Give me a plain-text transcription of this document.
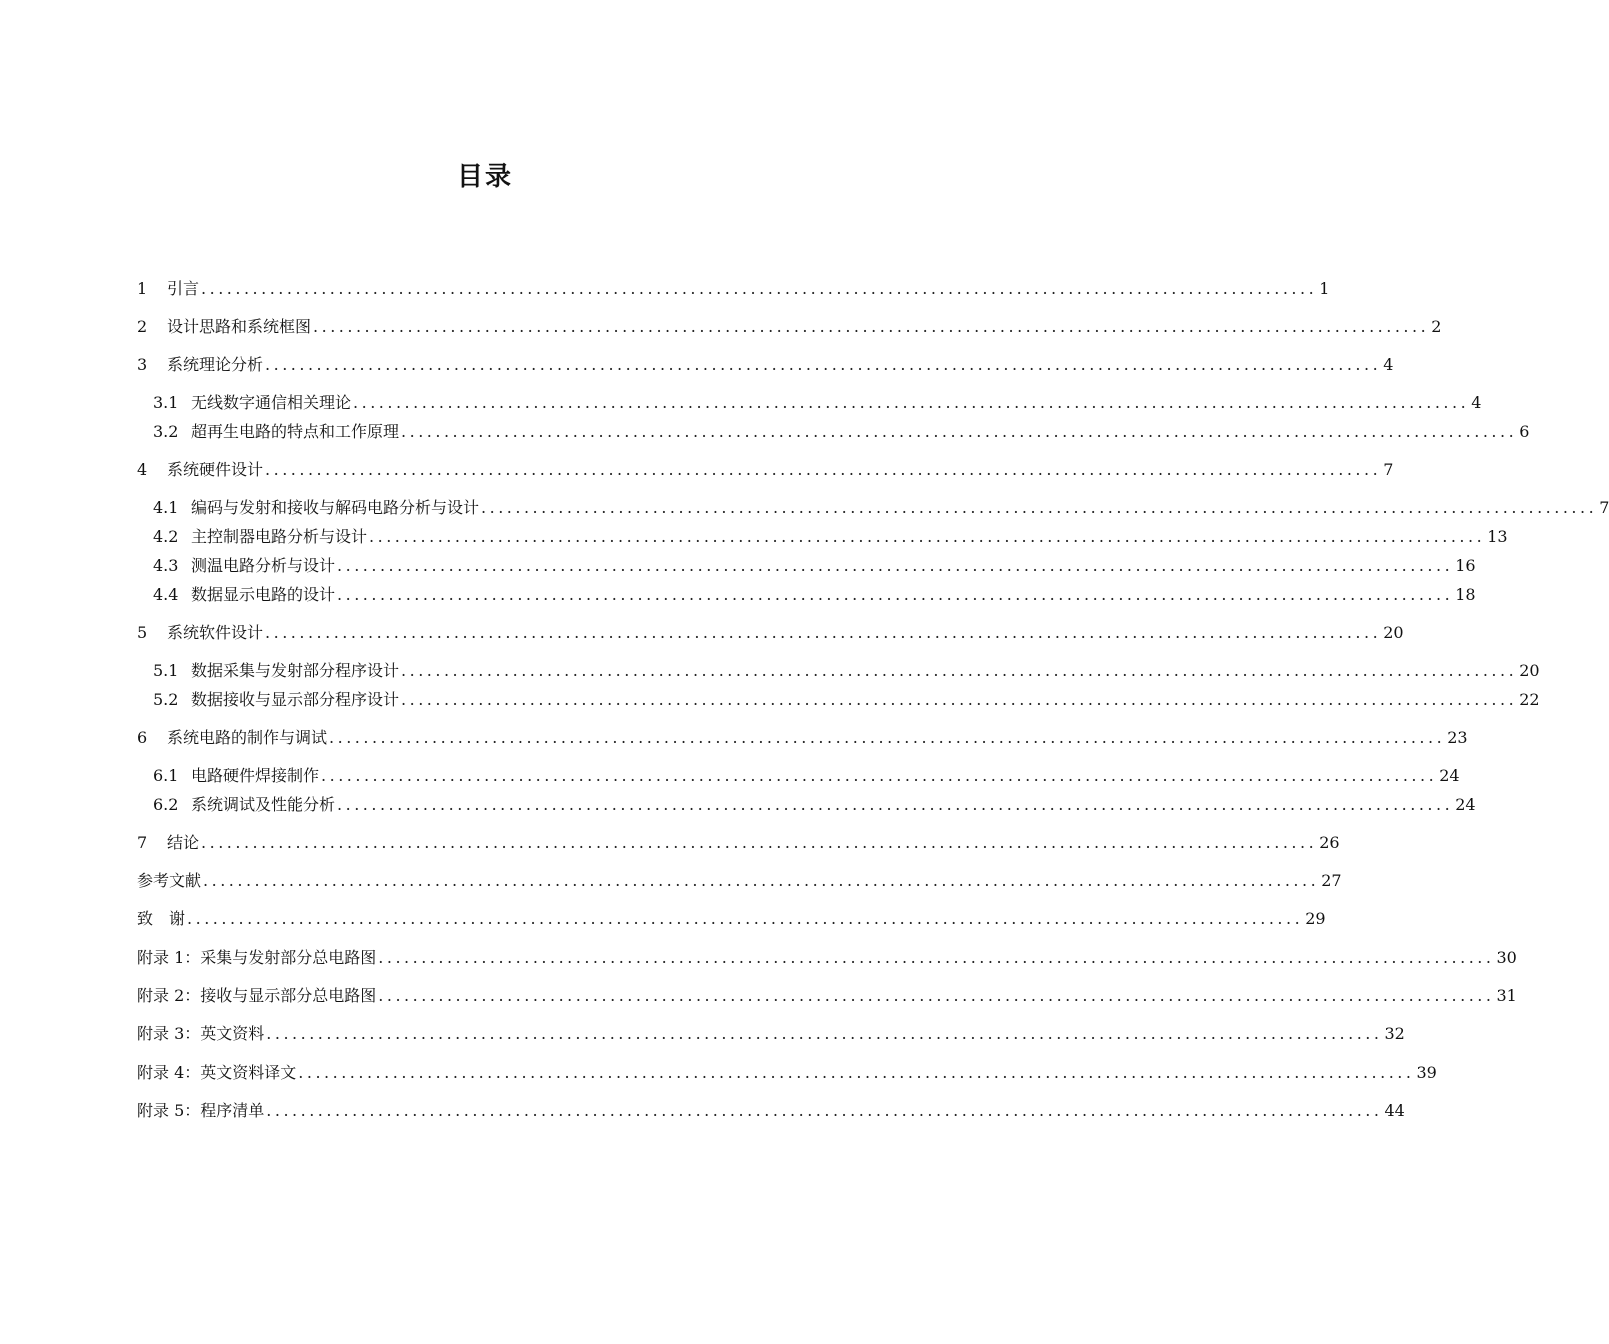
目录
1 引言 .................................................................................................................................. 1
2 设计思路和系统框图 .................................................................................................................................. 2
3 系统理论分析 .................................................................................................................................. 4
3.1 无线数字通信相关理论 .................................................................................................................................. 4
3.2 超再生电路的特点和工作原理 .................................................................................................................................. 6
4 系统硬件设计 .................................................................................................................................. 7
4.1 编码与发射和接收与解码电路分析与设计 .................................................................................................................................. 7
4.2 主控制器电路分析与设计 .................................................................................................................................. 13
4.3 测温电路分析与设计 .................................................................................................................................. 16
4.4 数据显示电路的设计 .................................................................................................................................. 18
5 系统软件设计 .................................................................................................................................. 20
5.1 数据采集与发射部分程序设计 .................................................................................................................................. 20
5.2 数据接收与显示部分程序设计 .................................................................................................................................. 22
6 系统电路的制作与调试 .................................................................................................................................. 23
6.1 电路硬件焊接制作 .................................................................................................................................. 24
6.2 系统调试及性能分析 .................................................................................................................................. 24
7 结论 .................................................................................................................................. 26
参考文献 .................................................................................................................................. 27
致　谢 .................................................................................................................................. 29
附录 1：采集与发射部分总电路图 .................................................................................................................................. 30
附录 2：接收与显示部分总电路图 .................................................................................................................................. 31
附录 3：英文资料 .................................................................................................................................. 32
附录 4：英文资料译文 .................................................................................................................................. 39
附录 5：程序清单 .................................................................................................................................. 44
